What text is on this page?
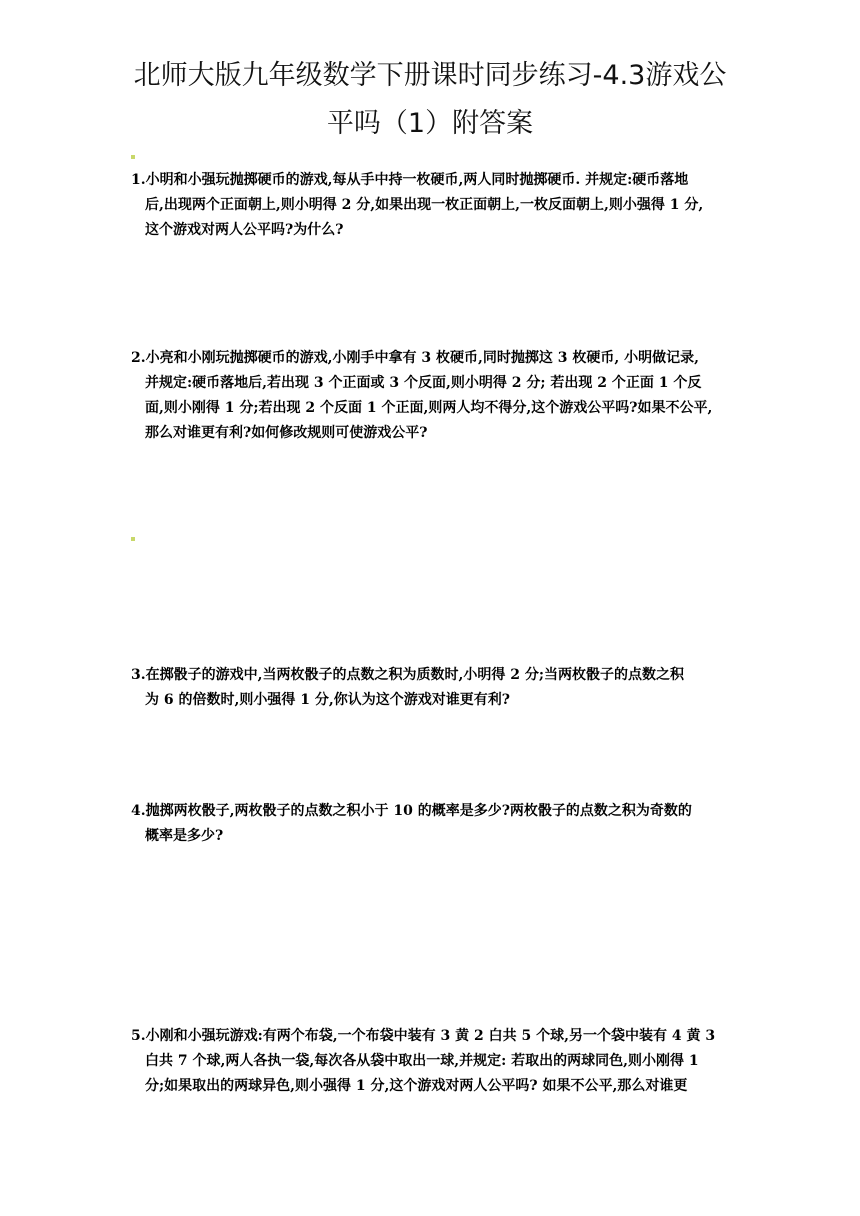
北师大版九年级数学下册课时同步练习-4.3游戏公
平吗（1）附答案
1.小明和小强玩抛掷硬币的游戏,每从手中持一枚硬币,两人同时抛掷硬币. 并规定:硬币落地
后,出现两个正面朝上,则小明得 2 分,如果出现一枚正面朝上,一枚反面朝上,则小强得 1 分,
这个游戏对两人公平吗?为什么?
2.小亮和小刚玩抛掷硬币的游戏,小刚手中拿有 3 枚硬币,同时抛掷这 3 枚硬币, 小明做记录,
并规定:硬币落地后,若出现 3 个正面或 3 个反面,则小明得 2 分; 若出现 2 个正面 1 个反
面,则小刚得 1 分;若出现 2 个反面 1 个正面,则两人均不得分,这个游戏公平吗?如果不公平,
那么对谁更有利?如何修改规则可使游戏公平?
3.在掷骰子的游戏中,当两枚骰子的点数之积为质数时,小明得 2 分;当两枚骰子的点数之积
为 6 的倍数时,则小强得 1 分,你认为这个游戏对谁更有利?
4.抛掷两枚骰子,两枚骰子的点数之积小于 10 的概率是多少?两枚骰子的点数之积为奇数的
概率是多少?
5.小刚和小强玩游戏:有两个布袋,一个布袋中装有 3 黄 2 白共 5 个球,另一个袋中装有 4 黄 3
白共 7 个球,两人各执一袋,每次各从袋中取出一球,并规定: 若取出的两球同色,则小刚得 1
分;如果取出的两球异色,则小强得 1 分,这个游戏对两人公平吗? 如果不公平,那么对谁更
